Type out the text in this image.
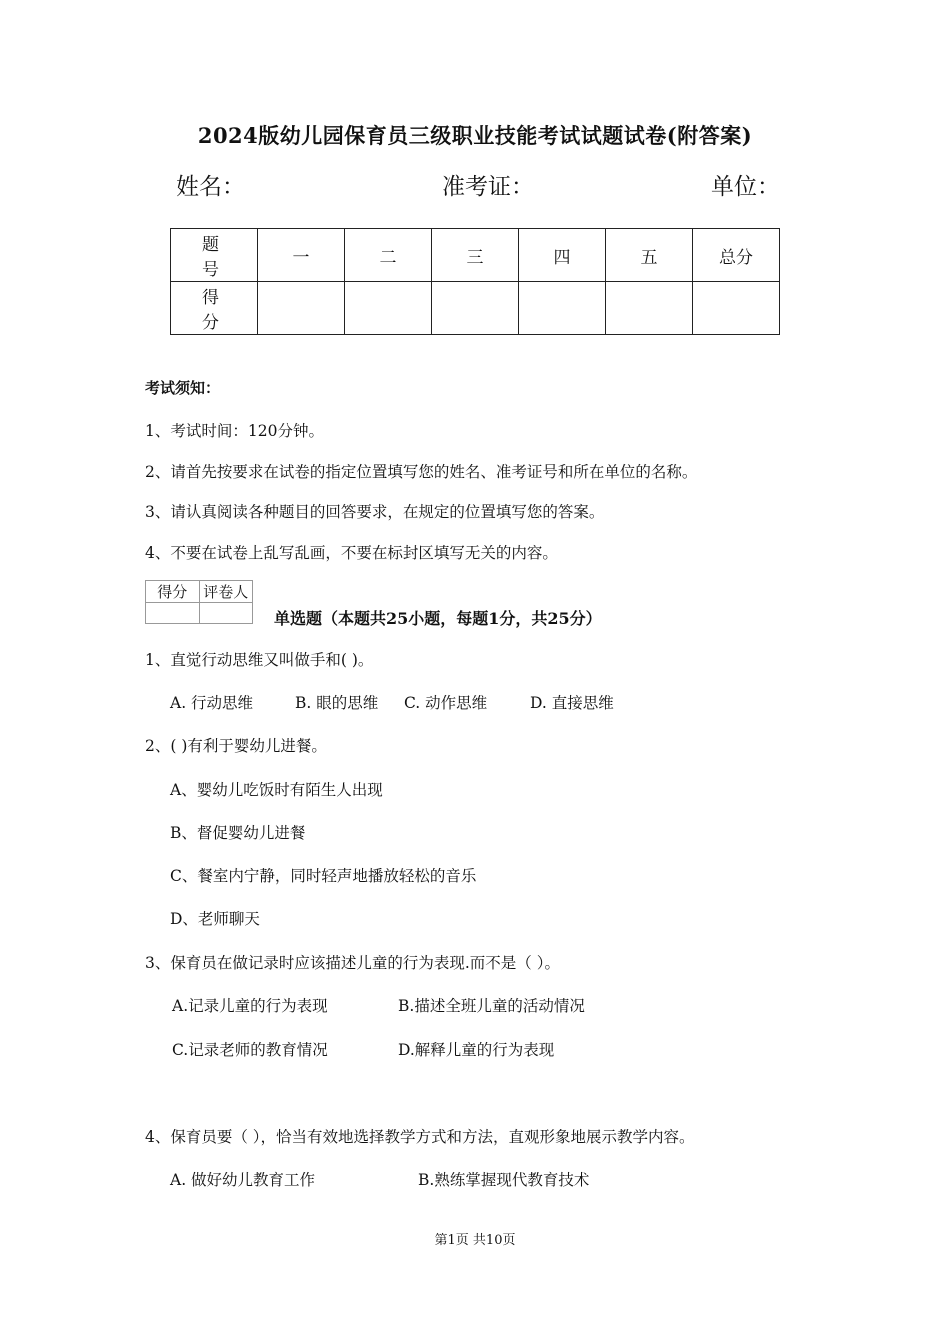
2024版幼儿园保育员三级职业技能考试试题试卷(附答案)
姓名：	准考证：	单位：
题号	一	二	三	四	五	总分
得分						
考试须知：
1、考试时间：120分钟。
2、请首先按要求在试卷的指定位置填写您的姓名、准考证号和所在单位的名称。
3、请认真阅读各种题目的回答要求，在规定的位置填写您的答案。
4、不要在试卷上乱写乱画，不要在标封区填写无关的内容。
得分	评卷人

单选题（本题共25小题，每题1分，共25分）
1、直觉行动思维又叫做手和( )。
A. 行动思维	B. 眼的思维 C. 动作思维	D. 直接思维
2、( )有利于婴幼儿进餐。
A、婴幼儿吃饭时有陌生人出现
B、督促婴幼儿进餐
C、餐室内宁静，同时轻声地播放轻松的音乐
D、老师聊天
3、保育员在做记录时应该描述儿童的行为表现.而不是（ ）。
A.记录儿童的行为表现	B.描述全班儿童的活动情况
C.记录老师的教育情况	D.解释儿童的行为表现
4、保育员要（ ），恰当有效地选择教学方式和方法，直观形象地展示教学内容。
A. 做好幼儿教育工作	B.熟练掌握现代教育技术
第1页 共10页
